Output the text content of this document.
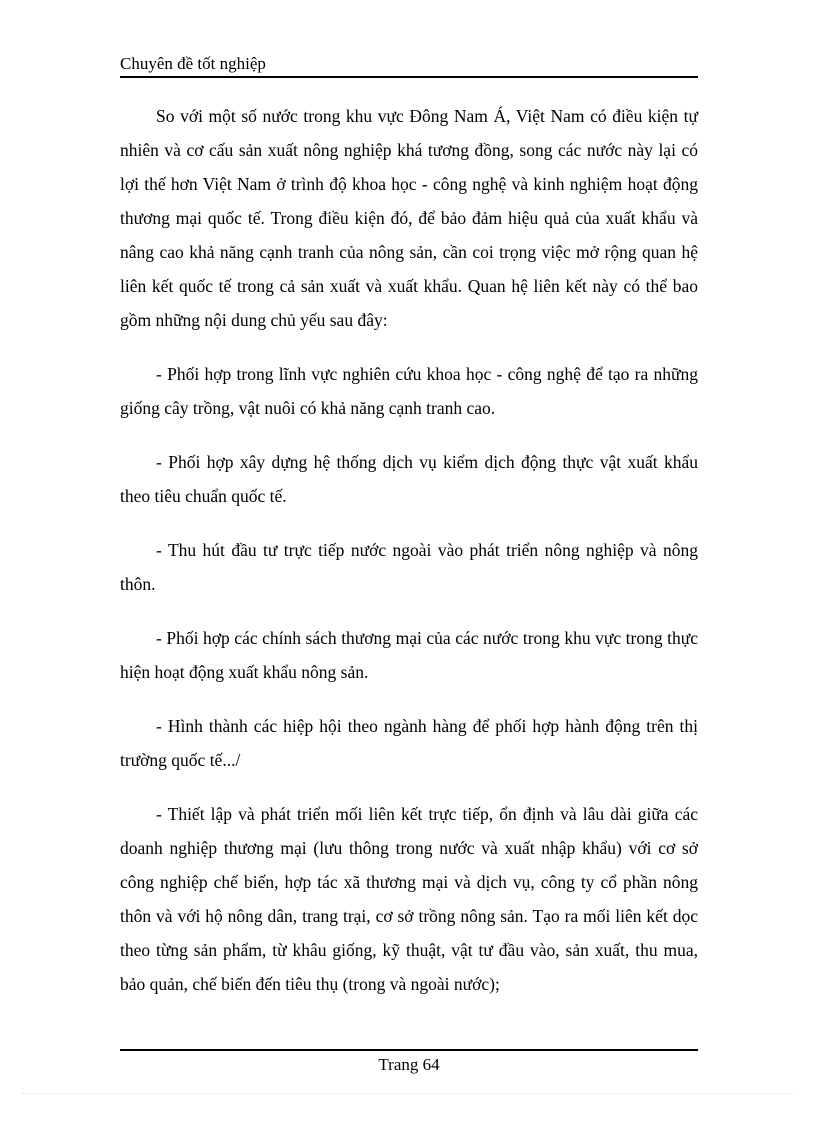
Chuyên đề tốt nghiệp

So với một số nước trong khu vực Đông Nam Á, Việt Nam có điều kiện tự nhiên và cơ cấu sản xuất nông nghiệp khá tương đồng, song các nước này lại có lợi thế hơn Việt Nam ở trình độ khoa học - công nghệ và kinh nghiệm hoạt động thương mại quốc tế. Trong điều kiện đó, để bảo đảm hiệu quả của xuất khẩu và nâng cao khả năng cạnh tranh của nông sản, cần coi trọng việc mở rộng quan hệ liên kết quốc tế trong cả sản xuất và xuất khẩu. Quan hệ liên kết này có thể bao gồm những nội dung chủ yếu sau đây:

- Phối hợp trong lĩnh vực nghiên cứu khoa học - công nghệ để tạo ra những giống cây trồng, vật nuôi có khả năng cạnh tranh cao.

- Phối hợp xây dựng hệ thống dịch vụ kiểm dịch động thực vật xuất khẩu theo tiêu chuẩn quốc tế.

- Thu hút đầu tư trực tiếp nước ngoài vào phát triển nông nghiệp và nông thôn.

- Phối hợp các chính sách thương mại của các nước trong khu vực trong thực hiện hoạt động xuất khẩu nông sản.

- Hình thành các hiệp hội theo ngành hàng để phối hợp hành động trên thị trường quốc tế.../

- Thiết lập và phát triển mối liên kết trực tiếp, ổn định và lâu dài giữa các doanh nghiệp thương mại (lưu thông trong nước và xuất nhập khẩu) với cơ sở công nghiệp chế biến, hợp tác xã thương mại và dịch vụ, công ty cổ phần nông thôn và với hộ nông dân, trang trại, cơ sở trồng nông sản. Tạo ra mối liên kết dọc theo từng sản phẩm, từ khâu giống, kỹ thuật, vật tư đầu vào, sản xuất, thu mua, bảo quản, chế biến đến tiêu thụ (trong và ngoài nước);

Trang 64
